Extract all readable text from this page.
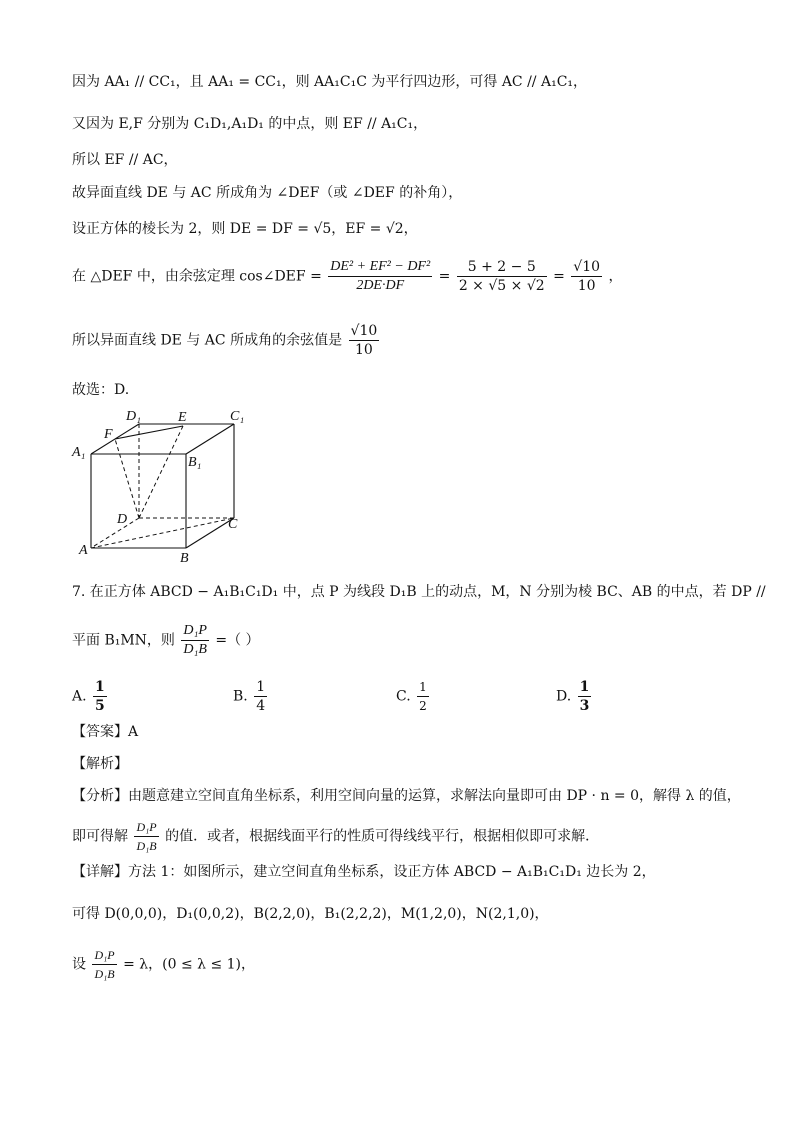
因为 AA₁ // CC₁，且 AA₁ = CC₁，则 AA₁C₁C 为平行四边形，可得 AC // A₁C₁，
又因为 E,F 分别为 C₁D₁,A₁D₁ 的中点，则 EF // A₁C₁，
所以 EF // AC，
故异面直线 DE 与 AC 所成角为 ∠DEF（或 ∠DEF 的补角），
设正方体的棱长为 2，则 DE = DF = √5，EF = √2，
在 △DEF 中，由余弦定理 cos∠DEF = $\frac{\text{DE² + EF² − DF²}}{2DE\cdot DF} = \frac{5 + 2 - 5}{2 \times √5 \times √2} = \frac{√10}{10}$ ，
所以异面直线 DE 与 AC 所成角的余弦值是 $\frac{√10}{10}$
故选：D.
D₁	E	C₁
F
A₁
B₁
D	C
A
B
7. 在正方体 ABCD − A₁B₁C₁D₁ 中，点 P 为线段 D₁B 上的动点，M，N 分别为棱 BC、AB 的中点，若 DP //
平面 B₁MN，则 $\frac{\text{D₁P}}{\text{D₁B}}$ =（ ）
A. $\frac{1}{5}$	B. $\frac{1}{4}$	C. $\frac{1}{2}$	D. $\frac{1}{3}$
【答案】A
【解析】
【分析】由题意建立空间直角坐标系，利用空间向量的运算，求解法向量即可由 DP · n = 0，解得 λ 的值，
即可得解 $\frac{\text{D₁P}}{\text{D₁B}}$ 的值．或者，根据线面平行的性质可得线线平行，根据相似即可求解．
【详解】方法 1：如图所示，建立空间直角坐标系，设正方体 ABCD − A₁B₁C₁D₁ 边长为 2，
可得 D(0,0,0)，D₁(0,0,2)，B(2,2,0)，B₁(2,2,2)，M(1,2,0)，N(2,1,0)，
设 $\frac{\text{D₁P}}{\text{D₁B}} = \lambda$，(0 ≤ λ ≤ 1)，
